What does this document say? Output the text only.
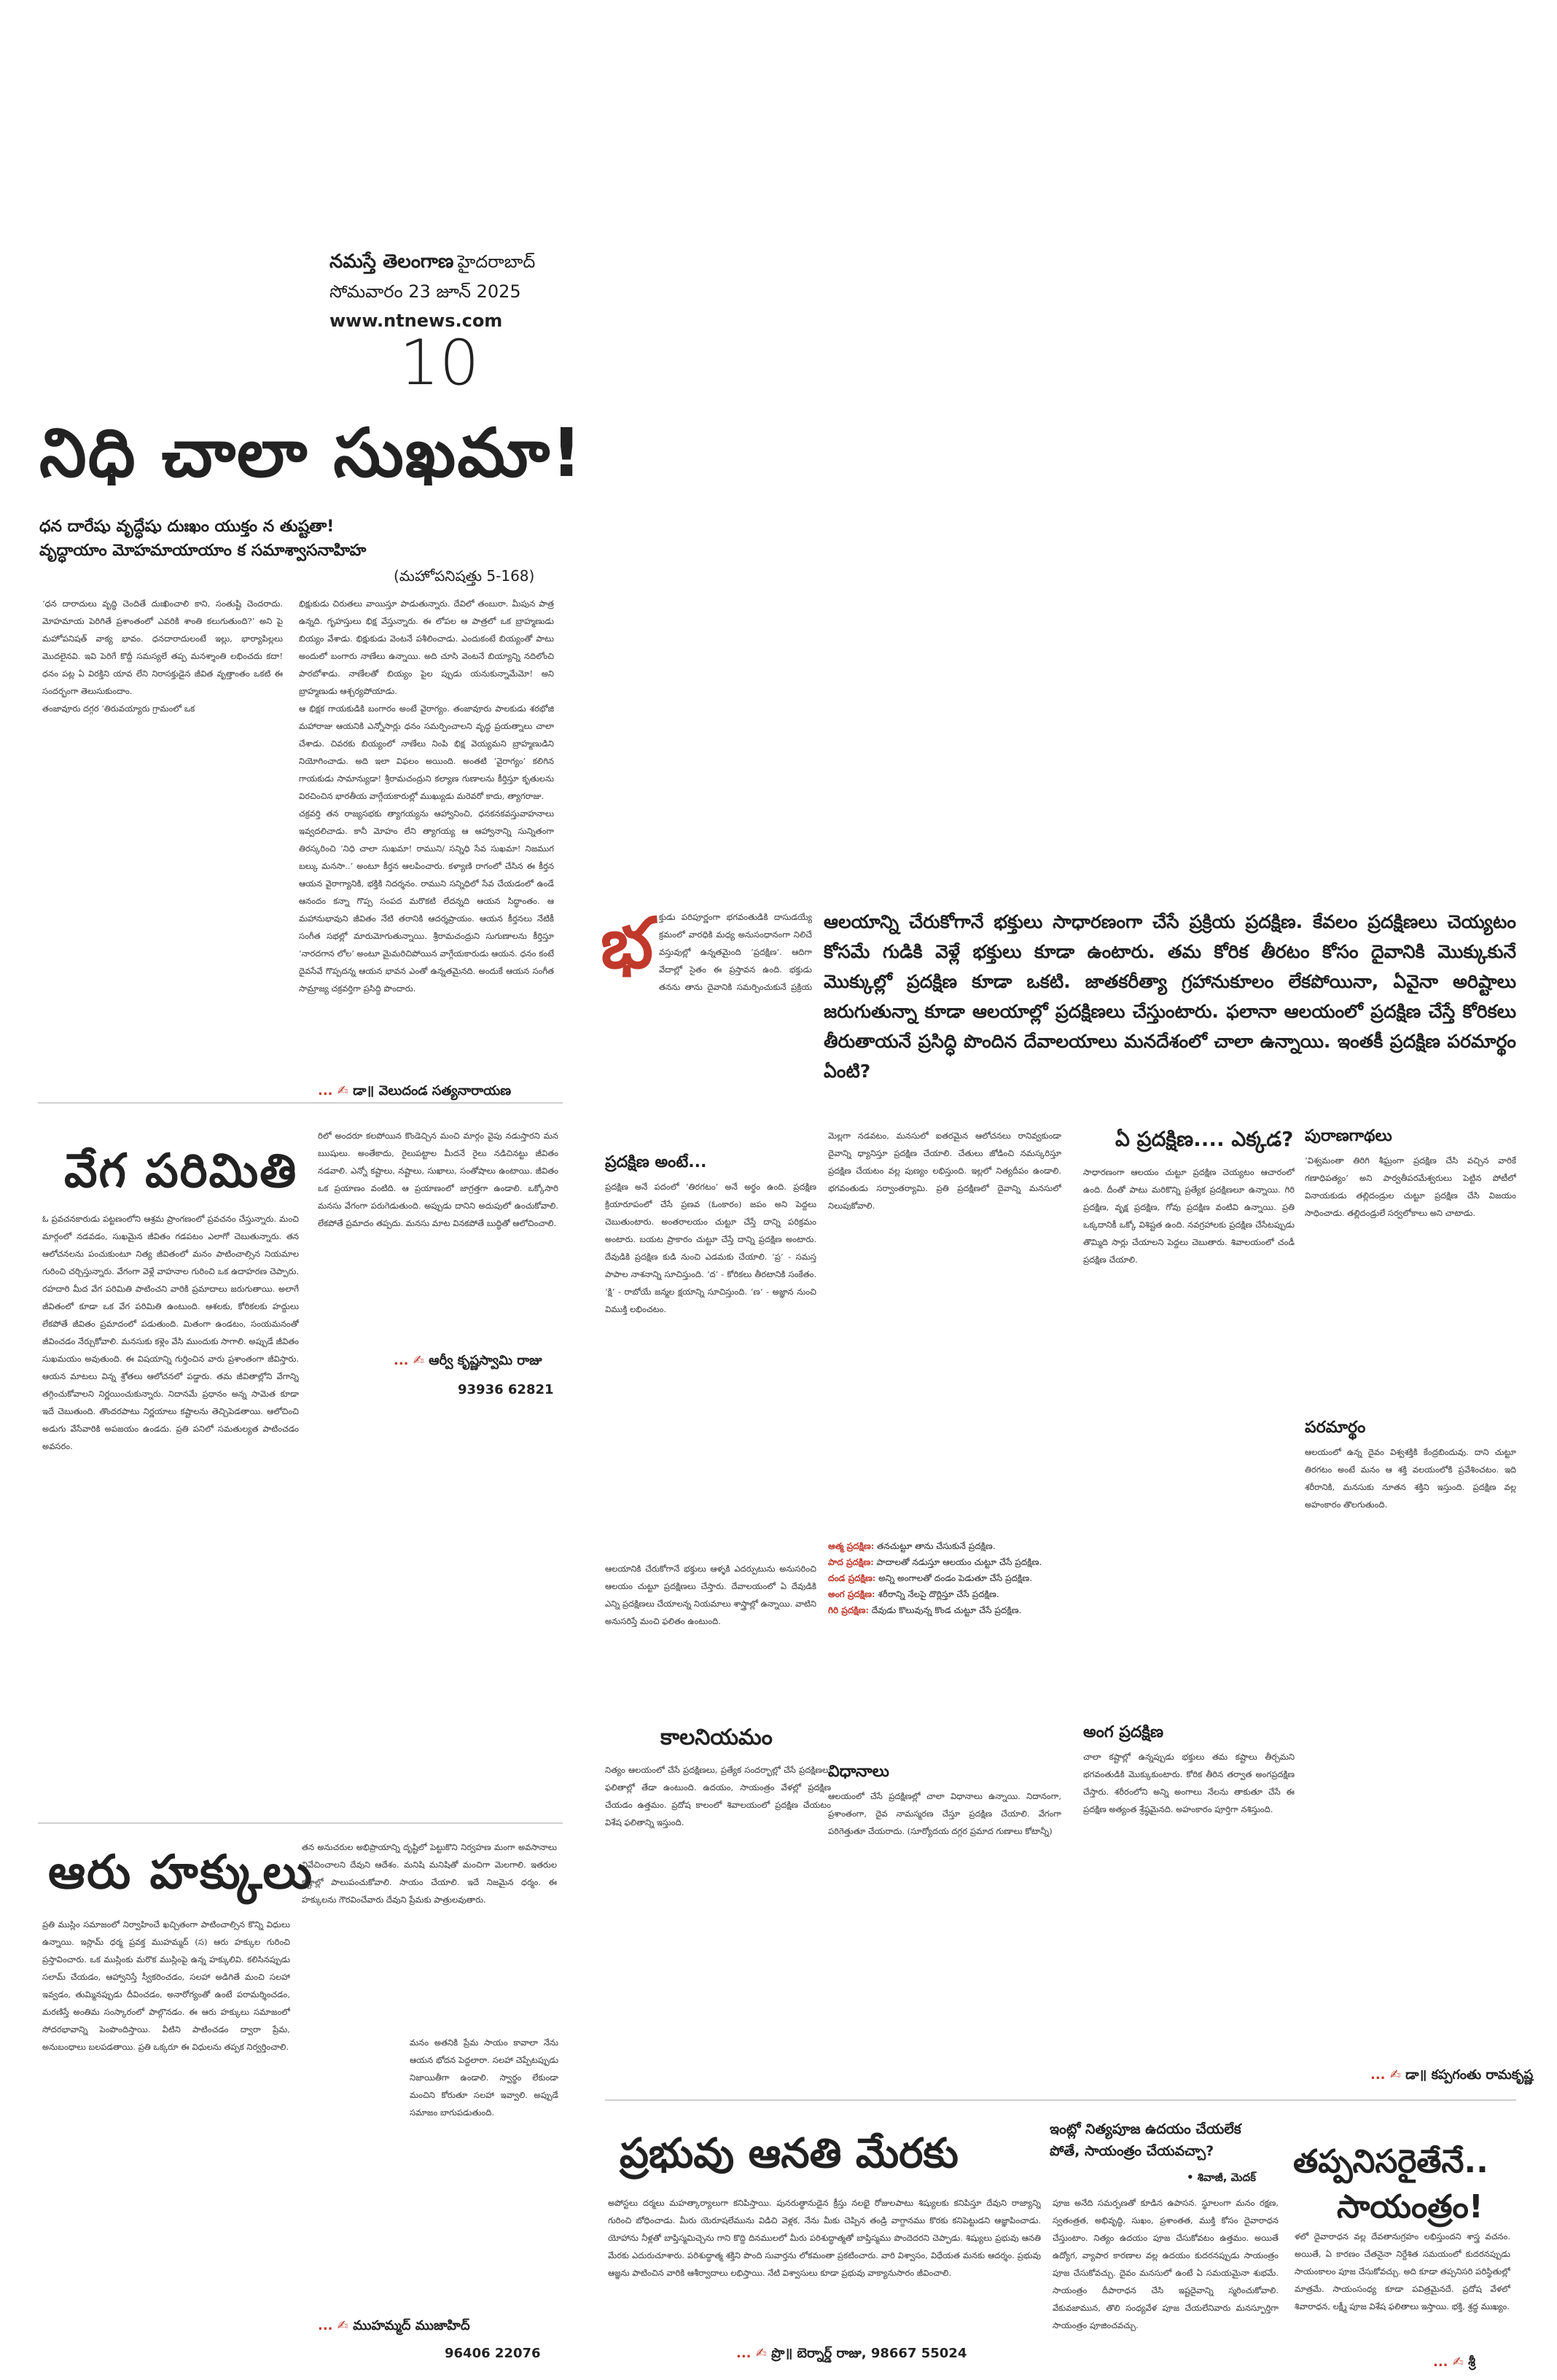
నమస్తే తెలంగాణ హైదరాబాద్
సోమవారం 23 జూన్ 2025
www.ntnews.com
10
నిధి చాలా సుఖమా!
ధన దారేషు వృద్ధేషు దుఃఖం యుక్తం న తుష్టతా!
వృద్ధాయాం మోహమాయాయాం క సమాశ్వాసనాహిహ
(మహోపనిషత్తు 5-168)
‘ధన దారాదులు వృద్ధి చెందితే దుఃఖించాలి కాని, సంతుష్టి చెందరాదు. మోహమాయ పెరిగితే ప్రశాంతంలో ఎవరికి శాంతి కలుగుతుంది?’ అని పై మహోపనిషత్ వాక్య భావం. ధనదారాదులంటే ఇల్లు, భార్యాపిల్లలు మొదలైనవి. ఇవి పెరిగే కొద్దీ సమస్యలే తప్ప మనశ్శాంతి లభించదు కదా! ధనం పట్ల ఏ విరక్తిని యావ లేని నిరాసక్తుడైన జీవిత వృత్తాంతం ఒకటి ఈ సందర్భంగా తెలుసుకుందాం.
తంజావూరు దగ్గర ‘తిరువయ్యారు గ్రామంలో ఒక
భిక్షుకుడు చిరుతలు వాయిస్తూ పాడుతున్నారు. దేవిలో తంబురా. మీపున పాత్ర ఉన్నది. గృహస్తులు భిక్ష వేస్తున్నారు. ఈ లోపల ఆ పాత్రలో ఒక బ్రాహ్మణుడు బియ్యం వేశాడు. భిక్షుకుడు వెంటనే పశీలించాడు. ఎందుకంటే బియ్యంతో పాటు అందులో బంగారు నాణేలు ఉన్నాయి. అది చూసి వెంటనే బియ్యాన్ని నదిలోంచి పారబోశాడు. నాణేలతో బియ్యం పైల ప్పుడు యనుకున్నామేమో! అని బ్రాహ్మణుడు ఆశ్చర్యపోయాడు.
ఆ భిక్షక గాయకుడికి బంగారం అంటే వైరాగ్యం. తంజావూరు పాలకుడు శరభోజి మహారాజు ఆయనికి ఎన్నోసార్లు ధనం సమర్పించాలని వృద్ధ ప్రయత్నాలు చాలా చేశాడు. చివరకు బియ్యంలో నాణేలు నింపి భిక్ష వెయ్యమని బ్రాహ్మణుడిని నియోగించాడు. అది ఇలా విఫలం అయింది. అంతటి ‘వైరాగ్యం’ కలిగిన గాయకుడు సామాన్యుడా! శ్రీరామచంద్రుని కల్యాణ గుణాలను కీర్తిస్తూ కృతులను విరచించిన భారతీయ వాగ్గేయకారుల్లో ముఖ్యుడు మరెవరో కాదు, త్యాగరాజు.
చక్రవర్తి తన రాజ్యసభకు త్యాగయ్యను ఆహ్వానించి, ధనకనకవస్తువాహనాలు ఇవ్వదలిచాడు. కానీ మోహం లేని త్యాగయ్య ఆ ఆహ్వానాన్ని సున్నితంగా తిరస్కరించి ‘నిధి చాలా సుఖమా! రాముని/ సన్నిధి సేవ సుఖమా! నిజముగ బల్కు మనసా..’ అంటూ కీర్తన ఆలపించారు. కళ్యాణి రాగంలో చేసిన ఈ కీర్తన ఆయన వైరాగ్యానికి, భక్తికి నిదర్శనం. రాముని సన్నిధిలో సేవ చేయడంలో ఉండే ఆనందం కన్నా గొప్ప సంపద మరొకటి లేదన్నది ఆయన సిద్ధాంతం. ఆ మహానుభావుని జీవితం నేటి తరానికి ఆదర్శప్రాయం. ఆయన కీర్తనలు నేటికీ సంగీత సభల్లో మారుమోగుతున్నాయి. శ్రీరామచంద్రుని సుగుణాలను కీర్తిస్తూ ‘నారదగాన లోల’ అంటూ మైమరిచిపోయిన వాగ్గేయకారుడు ఆయన. ధనం కంటే దైవసేవే గొప్పదన్న ఆయన భావన ఎంతో ఉన్నతమైనది. అందుకే ఆయన సంగీత సామ్రాజ్య చక్రవర్తిగా ప్రసిద్ధి పొందారు.
... ✍ డా॥ వెలుదండ సత్యనారాయణ
వేగ పరిమితి
ఓ ప్రవచనకారుడు పట్టణంలోని ఆశ్రమ ప్రాంగణంలో ప్రవచనం చేస్తున్నారు. మంచి మార్గంలో నడవడం, సుఖమైన జీవితం గడపటం ఎలాగో చెబుతున్నారు. తన ఆలోచనలను పంచుకుంటూ నిత్య జీవితంలో మనం పాటించాల్సిన నియమాల గురించి చర్చిస్తున్నారు. వేగంగా వెళ్లే వాహనాల గురించి ఒక ఉదాహరణ చెప్పారు. రహదారి మీద వేగ పరిమితి పాటించని వారికి ప్రమాదాలు జరుగుతాయి. అలాగే జీవితంలో కూడా ఒక వేగ పరిమితి ఉంటుంది. ఆశలకు, కోరికలకు హద్దులు లేకపోతే జీవితం ప్రమాదంలో పడుతుంది. మితంగా ఉండటం, సంయమనంతో జీవించడం నేర్చుకోవాలి. మనసుకు కళ్లెం వేసి ముందుకు సాగాలి. అప్పుడే జీవితం సుఖమయం అవుతుంది. ఈ విషయాన్ని గుర్తించిన వారు ప్రశాంతంగా జీవిస్తారు. ఆయన మాటలు విన్న శ్రోతలు ఆలోచనలో పడ్డారు. తమ జీవితాల్లోని వేగాన్ని తగ్గించుకోవాలని నిర్ణయించుకున్నారు. నిదానమే ప్రధానం అన్న సామెత కూడా ఇదే చెబుతుంది. తొందరపాటు నిర్ణయాలు కష్టాలను తెచ్చిపెడతాయి. ఆలోచించి అడుగు వేసేవారికి అపజయం ఉండదు. ప్రతి పనిలో సమతుల్యత పాటించడం అవసరం.
రిలో అందరూ కలపోయిన కొండెచ్చిన మంచి మార్గం వైపు నడుస్తారని మన ఋషులు. అంతేకాదు, రైలుపట్టాల మీదనే రైలు నడిచినట్టు జీవితం నడవాలి. ఎన్నో కష్టాలు, నష్టాలు, సుఖాలు, సంతోషాలు ఉంటాయి. జీవితం ఒక ప్రయాణం వంటిది. ఆ ప్రయాణంలో జాగ్రత్తగా ఉండాలి. ఒక్కోసారి మనసు వేగంగా పరుగెడుతుంది. అప్పుడు దానిని అదుపులో ఉంచుకోవాలి. లేకపోతే ప్రమాదం తప్పదు. మనసు మాట వినకపోతే బుద్ధితో ఆలోచించాలి.
... ✍ ఆర్వీ కృష్ణస్వామి రాజు
93936 62821
ఆరు హక్కులు
ప్రతి ముస్లిం సమాజంలో నిర్వాహించే ఖచ్చితంగా పాటించాల్సిన కొన్ని విధులు ఉన్నాయి. ఇస్లామ్ ధర్మ ప్రవక్త ముహమ్మద్ (స) ఆరు హక్కుల గురించి ప్రస్తావించారు. ఒక ముస్లింకు మరొక ముస్లింపై ఉన్న హక్కులివి. కలిసినప్పుడు సలామ్ చేయడం, ఆహ్వానిస్తే స్వీకరించడం, సలహా అడిగితే మంచి సలహా ఇవ్వడం, తుమ్మినప్పుడు దీవించడం, అనారోగ్యంతో ఉంటే పరామర్శించడం, మరణిస్తే అంతిమ సంస్కారంలో పాల్గొనడం. ఈ ఆరు హక్కులు సమాజంలో సోదరభావాన్ని పెంపొందిస్తాయి. వీటిని పాటించడం ద్వారా ప్రేమ, అనుబంధాలు బలపడతాయి. ప్రతి ఒక్కరూ ఈ విధులను తప్పక నిర్వర్తించాలి.
తన అనుచరుల అభిప్రాయాన్ని దృష్టిలో పెట్టుకొని నిర్వహణ మంగా అవసానాలు వివేచించాలని దేవుని ఆదేశం. మనిషి మనిషితో మంచిగా మెలగాలి. ఇతరుల కష్టాల్లో పాలుపంచుకోవాలి. సాయం చేయాలి. ఇదే నిజమైన ధర్మం. ఈ హక్కులను గౌరవించేవారు దేవుని ప్రేమకు పాత్రులవుతారు.
మనం అతనికి ప్రేమ సాయం కావాలా నేను ఆయన భోదన పెద్దలారా. సలహా చెప్పేటప్పుడు నిజాయితీగా ఉండాలి. స్వార్థం లేకుండా మంచిని కోరుతూ సలహా ఇవ్వాలి. అప్పుడే సమాజం బాగుపడుతుంది.
... ✍ ముహమ్మద్ ముజాహిద్
96406 22076
ఆలయాన్ని చేరుకోగానే భక్తులు సాధారణంగా చేసే ప్రక్రియ ప్రదక్షిణ. కేవలం ప్రదక్షిణలు చెయ్యటం కోసమే గుడికి వెళ్లే భక్తులు కూడా ఉంటారు. తమ కోరిక తీరటం కోసం దైవానికి మొక్కుకునే మొక్కుల్లో ప్రదక్షిణ కూడా ఒకటి. జాతకరీత్యా గ్రహానుకూలం లేకపోయినా, ఏవైనా అరిష్టాలు జరుగుతున్నా కూడా ఆలయాల్లో ప్రదక్షిణలు చేస్తుంటారు. ఫలానా ఆలయంలో ప్రదక్షిణ చేస్తే కోరికలు తీరుతాయనే ప్రసిద్ధి పొందిన దేవాలయాలు మనదేశంలో చాలా ఉన్నాయి. ఇంతకీ ప్రదక్షిణ పరమార్థం ఏంటి?
భ క్తుడు పరిపూర్ణంగా భగవంతుడికి దాసుడయ్యే క్రమంలో వారధికి మధ్య అనుసంధానంగా నిలిచే వస్తువుల్లో ఉన్నతమైంది ‘ప్రదక్షిణ’. ఆదిగా వేదాల్లో సైతం ఈ ప్రస్తావన ఉంది. భక్తుడు తనను తాను దైవానికి సమర్పించుకునే ప్రక్రియ
ప్రదక్షిణ అంటే...
ప్రదక్షిణ అనే పదంలో ‘తిరగటం’ అనే అర్థం ఉంది. ప్రదక్షిణ క్రియారూపంలో చేసే ప్రణవ (ఓంకారం) జపం అని పెద్దలు చెబుతుంటారు. అంతరాలయం చుట్టూ చేస్తే దాన్ని పరిక్రమం అంటారు. బయట ప్రాకారం చుట్టూ చేస్తే దాన్ని ప్రదక్షిణ అంటారు. దేవుడికి ప్రదక్షిణ కుడి నుంచి ఎడమకు చేయాలి. ‘ప్ర’ - సమస్త పాపాల నాశనాన్ని సూచిస్తుంది. ‘ద’ - కోరికలు తీరటానికి సంకేతం. ‘క్షి’ - రాబోయే జన్మల క్షయాన్ని సూచిస్తుంది. ‘ణ’ - అజ్ఞాన నుంచి విముక్తి లభించటం.
ఆలయానికి చేరుకోగానే భక్తులు ఆళ్ళకి ఎదర్పుటును అనుసరించి ఆలయం చుట్టూ ప్రదక్షిణలు చేస్తారు. దేవాలయంలో ఏ దేవుడికి ఎన్ని ప్రదక్షిణలు చేయాలన్న నియమాలు శాస్త్రాల్లో ఉన్నాయి. వాటిని అనుసరిస్తే మంచి ఫలితం ఉంటుంది.
మెల్లగా నడవటం, మనసులో ఐతరమైన ఆలోచనలు రానివ్వకుండా దైవాన్ని ధ్యానిస్తూ ప్రదక్షిణ చేయాలి. చేతులు జోడించి నమస్కరిస్తూ ప్రదక్షిణ చేయటం వల్ల పుణ్యం లభిస్తుంది. ఇల్లలో నిత్యదీపం ఉండాలి. భగవంతుడు సర్వాంతర్యామి. ప్రతి ప్రదక్షిణలో దైవాన్ని మనసులో నిలుపుకోవాలి.
ఏ ప్రదక్షిణ.... ఎక్కడ?
సాధారణంగా ఆలయం చుట్టూ ప్రదక్షిణ చెయ్యటం ఆచారంలో ఉంది. దీంతో పాటు మరికొన్ని ప్రత్యేక ప్రదక్షిణలూ ఉన్నాయి. గిరి ప్రదక్షిణ, వృక్ష ప్రదక్షిణ, గోవు ప్రదక్షిణ వంటివి ఉన్నాయి. ప్రతి ఒక్కదానికీ ఒక్కో విశిష్టత ఉంది. నవగ్రహాలకు ప్రదక్షిణ చేసేటప్పుడు తొమ్మిది సార్లు చేయాలని పెద్దలు చెబుతారు. శివాలయంలో చండీ ప్రదక్షిణ చేయాలి.
పురాణగాథలు
‘విశ్వమంతా తిరిగి శీఘ్రంగా ప్రదక్షిణ చేసి వచ్చిన వారికే గణాధిపత్యం’ అని పార్వతీపరమేశ్వరులు పెట్టిన పోటీలో వినాయకుడు తల్లిదండ్రుల చుట్టూ ప్రదక్షిణ చేసి విజయం సాధించాడు. తల్లిదండ్రులే సర్వలోకాలు అని చాటాడు.
పరమార్థం
ఆలయంలో ఉన్న దైవం విశ్వశక్తికి కేంద్రబిందువు. దాని చుట్టూ తిరగటం అంటే మనం ఆ శక్తి వలయంలోకి ప్రవేశించటం. ఇది శరీరానికి, మనసుకు నూతన శక్తిని ఇస్తుంది. ప్రదక్షిణ వల్ల అహంకారం తొలగుతుంది.
... ✍ డా॥ కప్పగంతు రామకృష్ణ
ఆత్మ ప్రదక్షిణ: తనచుట్టూ తాను చేసుకునే ప్రదక్షిణ.
పాద ప్రదక్షిణ: పాదాలతో నడుస్తూ ఆలయం చుట్టూ చేసే ప్రదక్షిణ.
దండ ప్రదక్షిణ: అన్ని అంగాలతో దండం పెడుతూ చేసే ప్రదక్షిణ.
అంగ ప్రదక్షిణ: శరీరాన్ని నేలపై దొర్లిస్తూ చేసే ప్రదక్షిణ.
గిరి ప్రదక్షిణ: దేవుడు కొలువున్న కొండ చుట్టూ చేసే ప్రదక్షిణ.
అంగ ప్రదక్షిణ
చాలా కష్టాల్లో ఉన్నప్పుడు భక్తులు తమ కష్టాలు తీర్చమని భగవంతుడికి మొక్కుకుంటారు. కోరిక తీరిన తర్వాత అంగప్రదక్షిణ చేస్తారు. శరీరంలోని అన్ని అంగాలు నేలను తాకుతూ చేసే ఈ ప్రదక్షిణ అత్యంత శ్రేష్ఠమైనది. అహంకారం పూర్తిగా నశిస్తుంది.
కాలనియమం
నిత్యం ఆలయంలో చేసే ప్రదక్షిణలు, ప్రత్యేక సందర్భాల్లో చేసే ప్రదక్షిణలు ఫలితాల్లో తేడా ఉంటుంది. ఉదయం, సాయంత్రం వేళల్లో ప్రదక్షిణ చేయడం ఉత్తమం. ప్రదోష కాలంలో శివాలయంలో ప్రదక్షిణ చేయటం విశేష ఫలితాన్ని ఇస్తుంది.
విధానాలు
ఆలయంలో చేసే ప్రదక్షిణల్లో చాలా విధానాలు ఉన్నాయి. నిదానంగా, ప్రశాంతంగా, దైవ నామస్మరణ చేస్తూ ప్రదక్షిణ చేయాలి. వేగంగా పరిగెత్తుతూ చేయరాదు. (సూర్యోదయ దగ్గర ప్రమాద గుణాలు కోటాన్నీ)
ప్రభువు ఆనతి మేరకు
అపోస్టలు దర్మలు మహత్కార్యాలుగా కనిపిస్తాయి. పునరుత్థానుడైన క్రీస్తు నలభై రోజులపాటు శిష్యులకు కనిపిస్తూ దేవుని రాజ్యాన్ని గురించి బోధించాడు. మీరు యెరూషలేమును విడిచి వెళ్లక, నేను మీకు చెప్పిన తండ్రి వాగ్దానము కొరకు కనిపెట్టుడని ఆజ్ఞాపించాడు. యోహాను నీళ్లతో బాప్తిస్మమిచ్చెను గాని కొద్ది దినములలో మీరు పరిశుద్ధాత్మతో బాప్తిస్మము పొందెదరని చెప్పాడు. శిష్యులు ప్రభువు ఆనతి మేరకు ఎదురుచూశారు. పరిశుద్ధాత్మ శక్తిని పొంది సువార్తను లోకమంతా ప్రకటించారు. వారి విశ్వాసం, విధేయత మనకు ఆదర్శం. ప్రభువు ఆజ్ఞను పాటించిన వారికి ఆశీర్వాదాలు లభిస్తాయి. నేటి విశ్వాసులు కూడా ప్రభువు వాక్యానుసారం జీవించాలి.
... ✍ ప్రొ॥ బెర్నార్డ్ రాజు, 98667 55024
ఇంట్లో నిత్యపూజ ఉదయం చేయలేక పోతే, సాయంత్రం చేయవచ్చా?
• శివాజీ, మెదక్
పూజ అనేది సమర్పణతో కూడిన ఉపాసన. స్థూలంగా మనం రక్షణ, స్వతంత్రత, అభివృద్ధి, సుఖం, ప్రశాంతత, ముక్తి కోసం దైవారాధన చేస్తుంటాం. నిత్యం ఉదయం పూజ చేసుకోవటం ఉత్తమం. అయితే ఉద్యోగ, వ్యాపార కారణాల వల్ల ఉదయం కుదరనప్పుడు సాయంత్రం పూజ చేసుకోవచ్చు. దైవం మనసులో ఉంటే ఏ సమయమైనా శుభమే. సాయంత్రం దీపారాధన చేసి ఇష్టదైవాన్ని స్మరించుకోవాలి. వేకువజామున, తొలి సంధ్యవేళ పూజ చేయలేనివారు మనస్ఫూర్తిగా సాయంత్రం పూజించవచ్చు.
తప్పనిసరైతేనే..
సాయంత్రం!
ళలో దైవారాధన వల్ల దేవతానుగ్రహం లభిస్తుందని శాస్త్ర వచనం. అయితే, ఏ కారణం చేతనైనా నిర్దేశిత సమయంలో కుదరనప్పుడు సాయంకాలం పూజ చేసుకోవచ్చు. అది కూడా తప్పనిసరి పరిస్థితుల్లో మాత్రమే. సాయంసంధ్య కూడా పవిత్రమైనదే. ప్రదోష వేళలో శివారాధన, లక్ష్మీ పూజ విశేష ఫలితాలు ఇస్తాయి. భక్తి, శ్రద్ధ ముఖ్యం.
... ✍ శ్రీ
